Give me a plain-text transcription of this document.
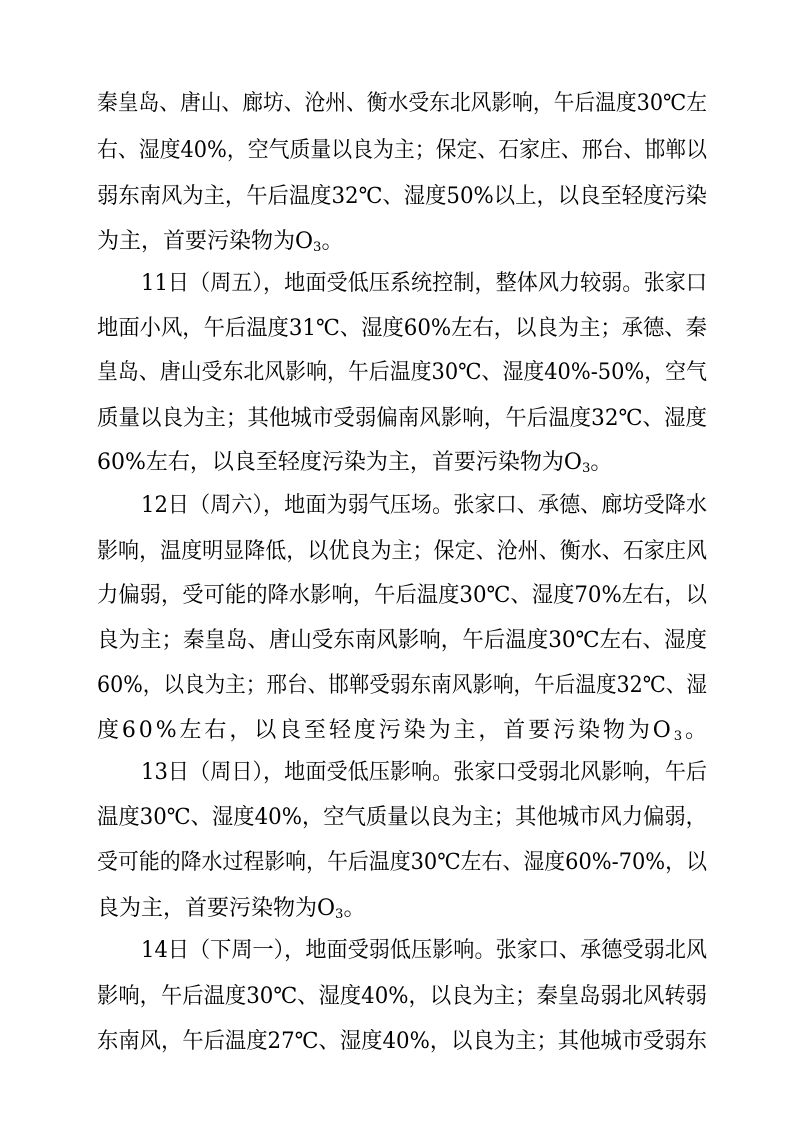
秦皇岛、唐山、廊坊、沧州、衡水受东北风影响，午后温度30℃左
右、湿度40%，空气质量以良为主；保定、石家庄、邢台、邯郸以
弱东南风为主，午后温度32℃、湿度50%以上，以良至轻度污染
为主，首要污染物为$O_3$。
11日（周五），地面受低压系统控制，整体风力较弱。张家口
地面小风，午后温度31℃、湿度60%左右，以良为主；承德、秦
皇岛、唐山受东北风影响，午后温度30℃、湿度40%-50%，空气
质量以良为主；其他城市受弱偏南风影响，午后温度32℃、湿度
60%左右，以良至轻度污染为主，首要污染物为$O_3$。
12日（周六），地面为弱气压场。张家口、承德、廊坊受降水
影响，温度明显降低，以优良为主；保定、沧州、衡水、石家庄风
力偏弱，受可能的降水影响，午后温度30℃、湿度70%左右，以
良为主；秦皇岛、唐山受东南风影响，午后温度30℃左右、湿度
60%，以良为主；邢台、邯郸受弱东南风影响，午后温度32℃、湿
度60%左右，以良至轻度污染为主，首要污染物为$O_3$。
13日（周日），地面受低压影响。张家口受弱北风影响，午后
温度30℃、湿度40%，空气质量以良为主；其他城市风力偏弱，
受可能的降水过程影响，午后温度30℃左右、湿度60%-70%，以
良为主，首要污染物为$O_3$。
14日（下周一），地面受弱低压影响。张家口、承德受弱北风
影响，午后温度30℃、湿度40%，以良为主；秦皇岛弱北风转弱
东南风，午后温度27℃、湿度40%，以良为主；其他城市受弱东
